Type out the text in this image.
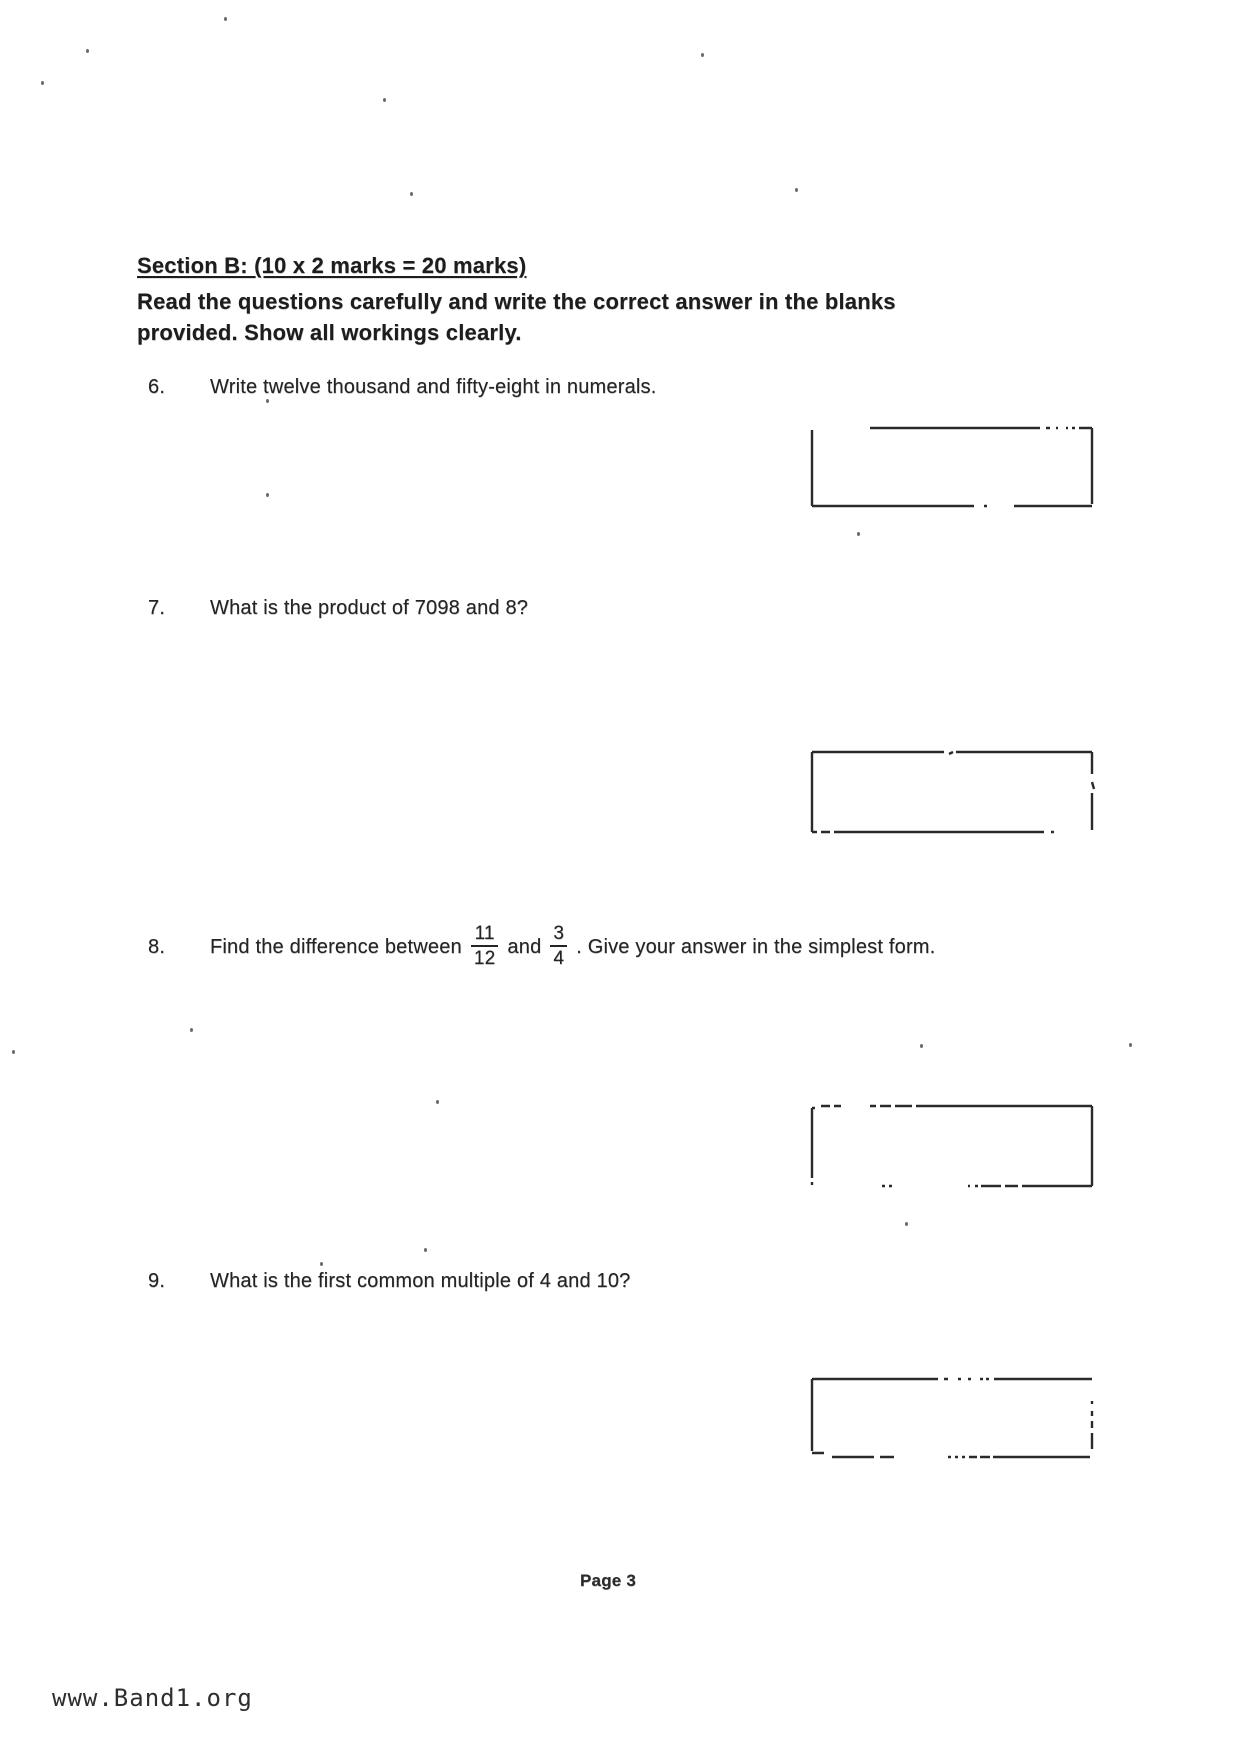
Section B: (10 x 2 marks = 20 marks)
Read the questions carefully and write the correct answer in the blanks
provided. Show all workings clearly.
6.	Write twelve thousand and fifty-eight in numerals.
7.	What is the product of 7098 and 8?
8.	Find the difference between $\frac{11}{12}$ and $\frac{3}{4}$ . Give your answer in the simplest form.
9.	What is the first common multiple of 4 and 10?
Page 3
www.Band1.org
